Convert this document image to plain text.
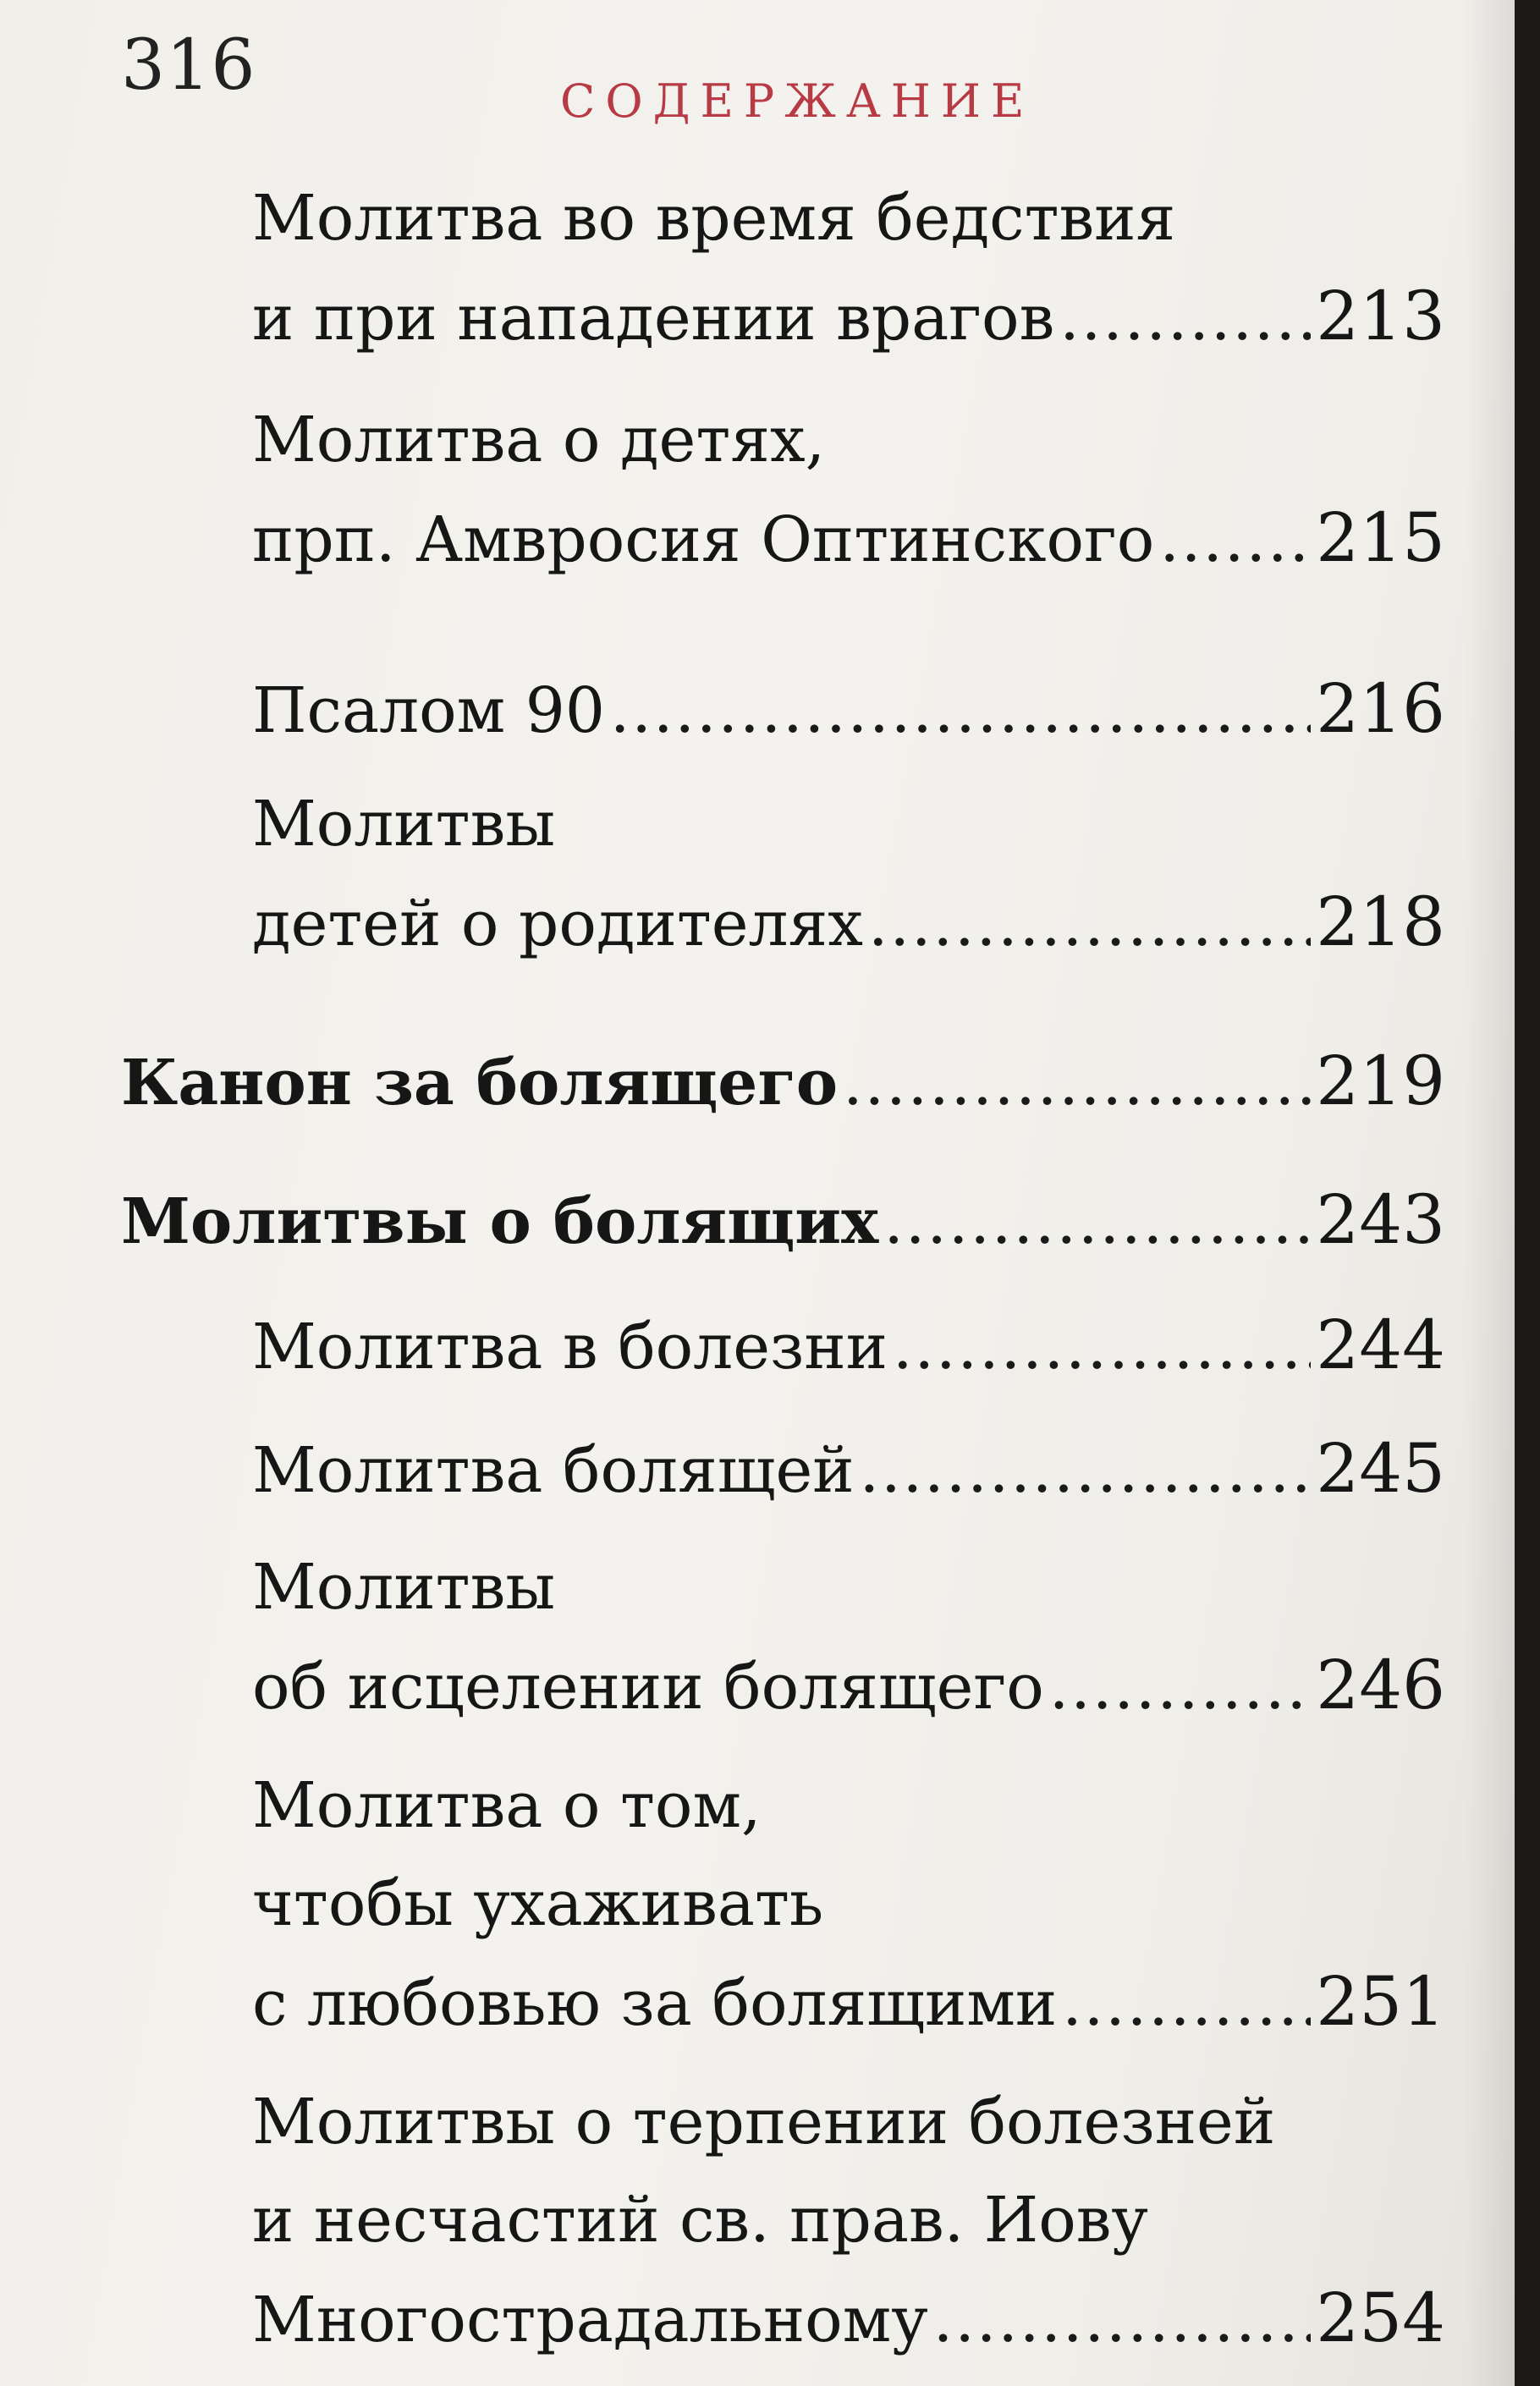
316	СОДЕРЖАНИЕ
Молитва во время бедствия
и при нападении врагов .....	213
Молитва о детях,
прп. Амвросия Оптинского ..... 215
Псалом 90 .....	216
Молитвы
детей о родителях .....	218
Канон за болящего .....	219
Молитвы о болящих .....	243
Молитва в болезни .....	244
Молитва болящей .....	245
Молитвы
об исцелении болящего .....	246
Молитва о том,
чтобы ухаживать
с любовью за болящими .....	251
Молитвы о терпении болезней
и несчастий св. прав. Иову
Многострадальному .....	254
